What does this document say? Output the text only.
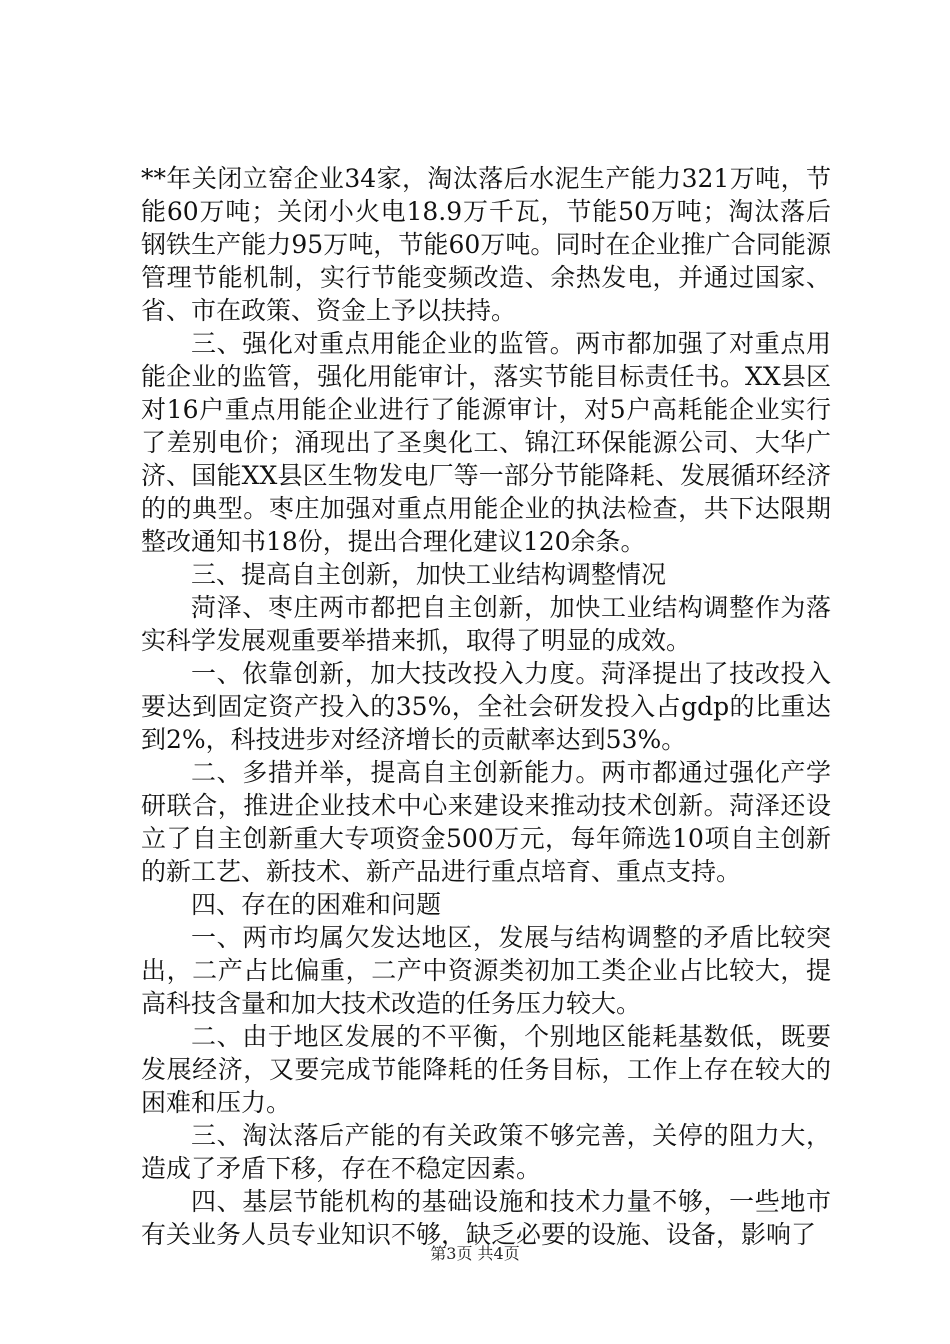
**年关闭立窑企业34家，淘汰落后水泥生产能力321万吨，节能60万吨；关闭小火电18.9万千瓦，节能50万吨；淘汰落后钢铁生产能力95万吨，节能60万吨。同时在企业推广合同能源管理节能机制，实行节能变频改造、余热发电，并通过国家、省、市在政策、资金上予以扶持。

三、强化对重点用能企业的监管。两市都加强了对重点用能企业的监管，强化用能审计，落实节能目标责任书。XX县区对16户重点用能企业进行了能源审计，对5户高耗能企业实行了差别电价；涌现出了圣奥化工、锦江环保能源公司、大华广济、国能XX县区生物发电厂等一部分节能降耗、发展循环经济的的典型。枣庄加强对重点用能企业的执法检查，共下达限期整改通知书18份，提出合理化建议120余条。

三、提高自主创新，加快工业结构调整情况

菏泽、枣庄两市都把自主创新，加快工业结构调整作为落实科学发展观重要举措来抓，取得了明显的成效。

一、依靠创新，加大技改投入力度。菏泽提出了技改投入要达到固定资产投入的35%，全社会研发投入占gdp的比重达到2%，科技进步对经济增长的贡献率达到53%。

二、多措并举，提高自主创新能力。两市都通过强化产学研联合，推进企业技术中心来建设来推动技术创新。菏泽还设立了自主创新重大专项资金500万元，每年筛选10项自主创新的新工艺、新技术、新产品进行重点培育、重点支持。

四、存在的困难和问题

一、两市均属欠发达地区，发展与结构调整的矛盾比较突出，二产占比偏重，二产中资源类初加工类企业占比较大，提高科技含量和加大技术改造的任务压力较大。

二、由于地区发展的不平衡，个别地区能耗基数低，既要发展经济，又要完成节能降耗的任务目标，工作上存在较大的困难和压力。

三、淘汰落后产能的有关政策不够完善，关停的阻力大，造成了矛盾下移，存在不稳定因素。

四、基层节能机构的基础设施和技术力量不够，一些地市有关业务人员专业知识不够，缺乏必要的设施、设备，影响了

第3页 共4页
